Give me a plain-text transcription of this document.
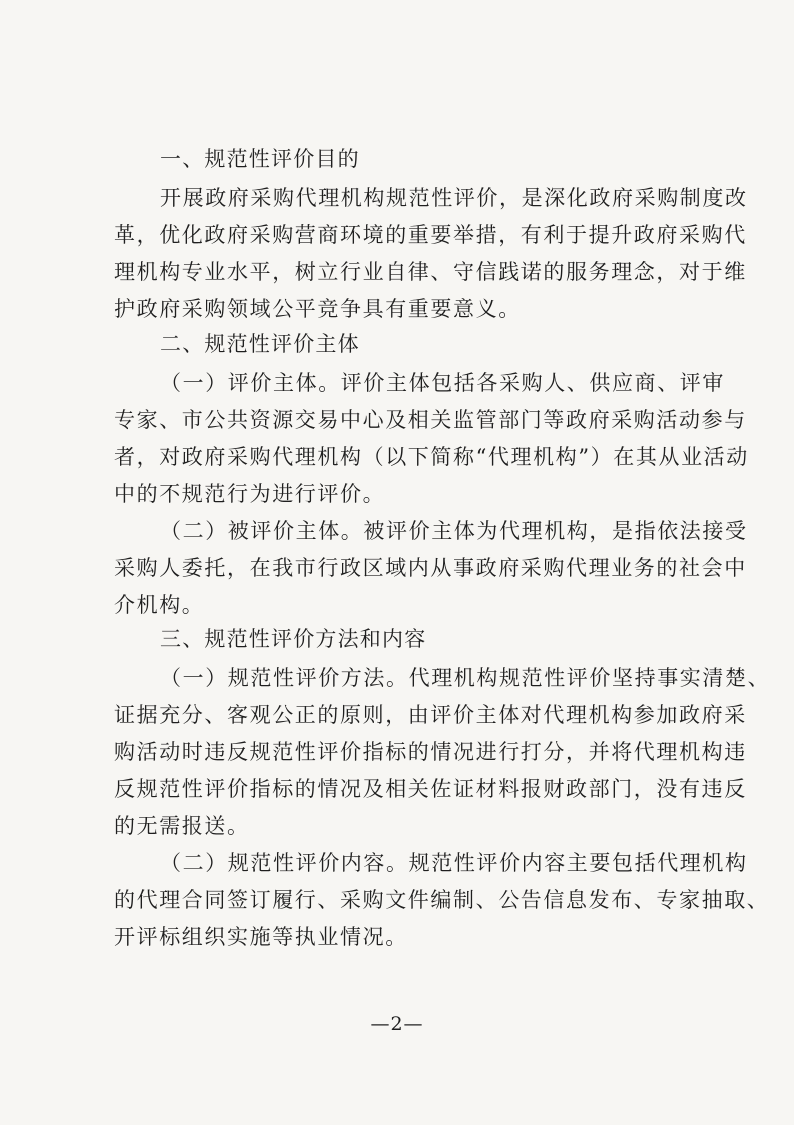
一、规范性评价目的
开展政府采购代理机构规范性评价，是深化政府采购制度改
革，优化政府采购营商环境的重要举措，有利于提升政府采购代
理机构专业水平，树立行业自律、守信践诺的服务理念，对于维
护政府采购领域公平竞争具有重要意义。
二、规范性评价主体
（一）评价主体。评价主体包括各采购人、供应商、评审
专家、市公共资源交易中心及相关监管部门等政府采购活动参与
者，对政府采购代理机构（以下简称“代理机构”）在其从业活动
中的不规范行为进行评价。
（二）被评价主体。被评价主体为代理机构，是指依法接受
采购人委托，在我市行政区域内从事政府采购代理业务的社会中
介机构。
三、规范性评价方法和内容
（一）规范性评价方法。代理机构规范性评价坚持事实清楚、
证据充分、客观公正的原则，由评价主体对代理机构参加政府采
购活动时违反规范性评价指标的情况进行打分，并将代理机构违
反规范性评价指标的情况及相关佐证材料报财政部门，没有违反
的无需报送。
（二）规范性评价内容。规范性评价内容主要包括代理机构
的代理合同签订履行、采购文件编制、公告信息发布、专家抽取、
开评标组织实施等执业情况。
—2—
